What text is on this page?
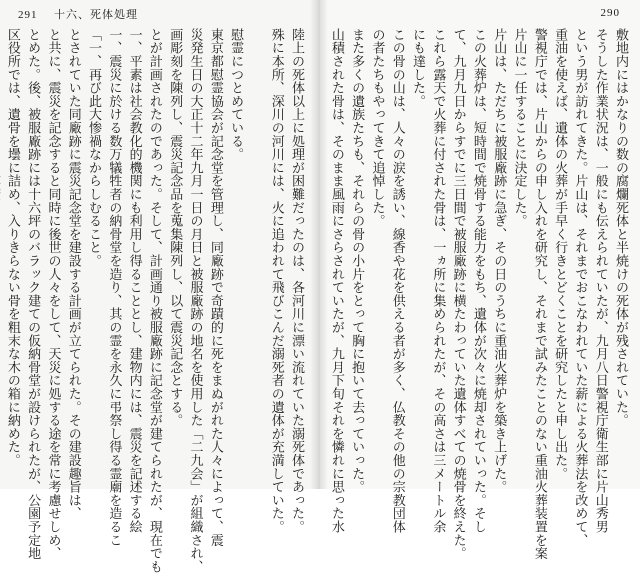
291 十六、死体処理
陸上の死体以上に処理が困難だったのは、各河川に漂い流れていた溺死体であった。
殊に本所、深川の河川には、火に追われて飛びこんだ溺死者の遺体が充満していた。

慰霊につとめている。
東京都慰霊協会が記念堂を管理し、同廠跡で奇蹟的に死をまぬがれた人々によって、震
災発生日の大正十二年九月一日の月日と被服廠跡の地名を使用した「二九会」が組織され、
画彫刻を陳列し、震災記念品を蒐集陳列し、以て震災記念とする。
とが計画されたのであった。そして、計画通り被服廠跡に記念堂が建てられたが、現在でも
一、平素は社会教化的機関にも利用し得ることとし、建物内には、震災を記述する絵
一、震災に於ける数万犠牲者の納骨堂を造り、其の霊を永久に弔祭し得る霊廟を造るこ
「一、再び此大惨禍なからしむること。
とされていた同廠跡に震災記念堂を建設する計画が立てられた。その建設趣旨は、
と共に、震災を記念すると同時に後世の人々をして、天災に処する途を常に考慮せしめ、
とめた。後、被服廠跡には十六坪のバラック建ての仮納骨堂が設けられたが、公園予定地
区役所では、遺骨を壜に詰め、入りきらない骨を粗末な木の箱に納めた。
290
敷地内にはかなりの数の腐爛死体と半焼けの死体が残されていた。
そうした作業状況は、一般にも伝えられていたが、九月八日警視庁衛生部に片山秀男
という男が訪れてきた。片山は、それまでおこなわれていた薪による火葬法を改めて、
重油を使えば、遺体の火葬が手早く行きとどくことを研究したと申し出た。
警視庁では、片山からの申し入れを研究し、それまで試みたことのない重油火葬装置を案
片山に一任することに決定した。
片山は、ただちに被服廠跡に急ぎ、その日のうちに重油火葬炉を築き上げた。
この火葬炉は、短時間で焼骨する能力をもち、遺体が次々に焼却されていった。そし
て、九月九日からすでに三日間で被服廠跡に横たわっていた遺体すべての焼骨を終えた。
これら露天で火葬に付された骨は、一ヵ所に集められたが、その高さは三メートル余
にも達した。
この骨の山は、人々の涙を誘い、線香や花を供える者が多く、仏教その他の宗教団体
の者たちもやってきて追悼した。
また多くの遺族たちも、それらの骨の小片をとって胸に抱いて去っていった。
山積された骨は、そのまま風雨にさらされていたが、九月下旬それを憐れに思った水
